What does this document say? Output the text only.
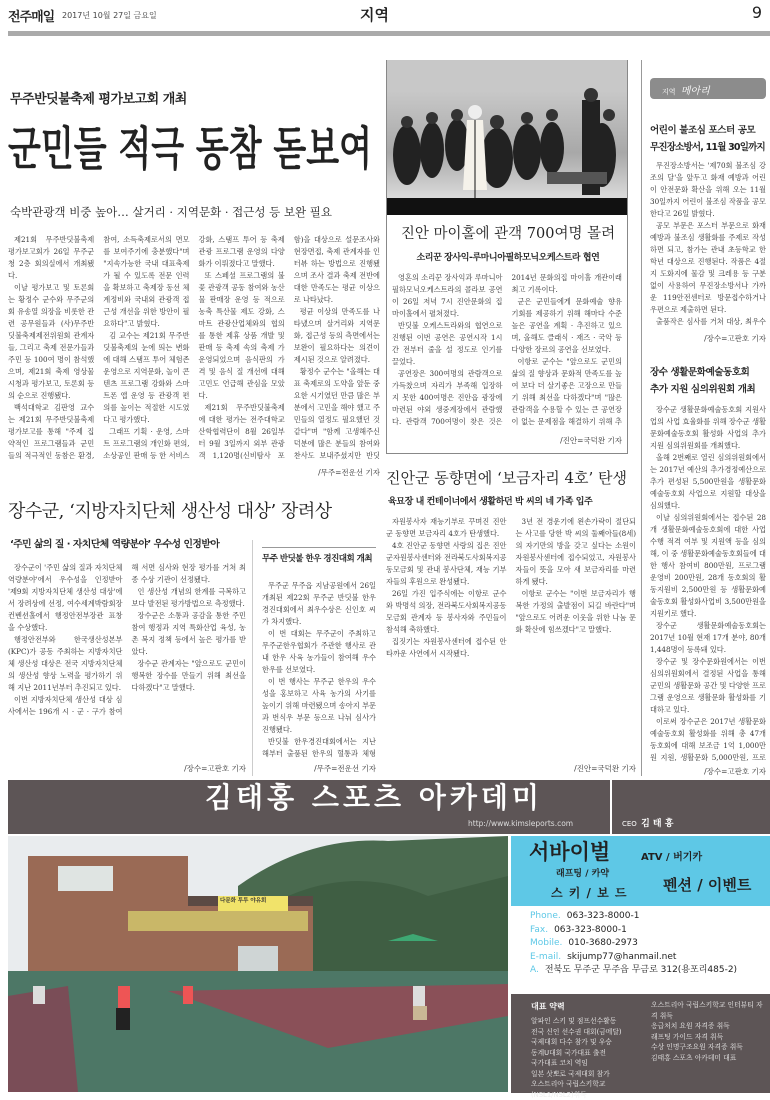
전주매일 2017년 10월 27일 금요일	지역	9
무주반딧불축제 평가보고회 개최
군민들 적극 동참 돋보여
숙박관광객 비중 높아… 살거리 · 지역문화 · 접근성 등 보완 필요

제21회 무주반딧불축제 평가보고회가 26일 무주군청 2층 회의실에서 개최됐다.

이날 평가보고 및 토론회는 황정수 군수와 무주군의회 유송열 의장을 비롯한 관련 공무원들과 (사)무주반딧불축제제전위원회 관계자들, 그리고 축제 전문가들과 주민 등 100여 명이 참석했으며, 제21회 축제 영상물 시청과 평가보고, 토론회 등의 순으로 진행됐다.

백석대학교 김판영 교수는 제21회 무주반딧불축제 평가보고를 통해 "주제 집약적인 프로그램들과 군민들의 적극적인 동참은 환경, 참여, 소득축제로서의 면모를 보여주기에 충분했다"며 "지속가능한 국내 대표축제가 될 수 있도록 전문 인력을 확보하고 축제장 동선 체계정비와 국내외 관광객 접근성 개선을 위한 방안이 필요하다"고 밝혔다.

김 교수는 제21회 무주반딧불축제의 눈에 띄는 변화에 대해 스탬프 투어 체험존 운영으로 지역문화, 놀이 콘텐츠 프로그램 강화와 스마트폰 앱 운영 등 관광객 편의를 높이는 적절한 시도였다고 평가했다.

그래프 기획 · 운영, 스마트 프로그램의 개인화 편의, 소상공인 판매 등 한 서비스 강화, 스탬프 투어 등 축제 관광 프로그램 운영의 다양화가 이뤄졌다고 말했다.

또 스페셜 프로그램의 불꽃 관광객 공동 참여와 농산물 판매장 운영 등 적으로 농축 특산물 제도 강화, 스마트 관광산업체와의 협의를 통한 제휴 상품 개발 및 판매 등 축제 속의 축제 가 운영되었으며 음식판의 가격 및 음식 질 개선에 대해 고민도 언급해 관심을 모았다.

제21회 무주반딧불축제에 대한 평가는 전주대학교 산학협력단이 8월 26일부터 9월 3일까지 외부 관광객 1,120명(신비탐사 포함)을 대상으로 설문조사와 현장면접, 축제 관계자를 인터뷰 하는 방법으로 진행됐으며 조사 결과 축제 전반에 대한 만족도는 평균 이상으로 나타났다.

평균 이상의 만족도를 나타냈으며 살거리와 지역문화, 접근성 등의 측면에서는 보완이 필요하다는 의견이 제시된 것으로 알려졌다.

황정수 군수는 "올해는 대표 축제로의 도약을 앞둔 중요한 시기였던 만큼 많은 부분에서 고민을 해야 했고 주민들의 열정도 필요했던 것 같다"며 "함께 고생해주신 덕분에 많은 분들의 참여와 찬사도 보내주셨지만 반딧

/무주=전운선 기자
진안 마이홀에 관객 700여명 몰려
소리꾼 장사익-루마니아필하모닉오케스트라 협연

영혼의 소리꾼 장사익과 루마니아필하모닉오케스트라의 콜라보 공연이 26일 저녁 7시 진안문화의 집 마이홀에서 펼쳐졌다.

반딧불 오케스트라와의 협연으로 진행된 이번 공연은 공연시작 1시간 전부터 줄을 설 정도로 인기를 끌었다.

공연장은 300여명의 관람객으로 가득찼으며 자리가 부족해 입장하지 못한 400여명은 진안읍 광장에 마련된 야외 생중계장에서 관람했다. 관람객 700여명이 찾은 것은 2014년 문화의집 마이홀 개관이래 최고 기록이다.

군은 군민들에게 문화예술 향유 기회를 제공하기 위해 해마다 수준 높은 공연을 계획 · 추진하고 있으며, 올해도 클래식 · 재즈 · 국악 등 다양한 장르의 공연을 선보였다.

이항로 군수는 "앞으로도 군민의 삶의 질 향상과 문화적 만족도를 높여 보다 더 살기좋은 고장으로 만들기 위해 최선을 다하겠다"며 "많은 관람객을 수용할 수 있는 큰 공연장이 없는 문제점을 해결하기 위해 추

/진안=국덕완 기자
진안군 동향면에 ‘보금자리 4호’ 탄생
육묘장 내 컨테이너에서 생활하던 박 씨의 네 가족 입주

자원봉사자 재능기부로 꾸며진 진안군 동향면 보금자리 4호가 탄생했다.

4호 진안군 동향면 사랑의 집은 진안군자원봉사센터와 전라북도사회복지공동모금회 및 관내 봉사단체, 재능 기부자들의 후원으로 완성됐다.

26일 가진 입주식에는 이항로 군수와 박명석 의장, 전라북도사회복지공동모금회 관계자 등 봉사자와 주민들이 참석해 축하했다.

집짓기는 자원봉사센터에 접수된 안타까운 사연에서 시작됐다.

3년 전 경운기에 왼손가락이 절단되는 사고를 당한 박 씨의 둘째아들(8세)의 자기만의 방을 갖고 싶다는 소원이 자원봉사센터에 접수되었고, 자원봉사자들이 뜻을 모아 새 보금자리를 마련하게 됐다.

이항로 군수는 "이번 보금자리가 행복한 가정의 출발점이 되길 바란다"며 "앞으로도 어려운 이웃을 위한 나눔 문화 확산에 힘쓰겠다"고 말했다.

/진안=국덕완 기자
장수군, ‘지방자치단체 생산성 대상’ 장려상
‘주민 삶의 질 · 자치단체 역량분야’ 우수성 인정받아

장수군이 '주민 삶의 질과 자치단체 역량분야'에서 우수성을 인정받아 '제9회 지방자치단체 생산성 대상'에서 장려상에 선정, 여수세계박람회장 컨벤션홀에서 행정안전부장관 표창을 수상했다.

행정안전부와 한국생산성본부(KPC)가 공동 주최하는 지방자치단체 생산성 대상은 전국 지방자치단체의 생산성 향상 노력을 평가하기 위해 지난 2011년부터 추진되고 있다.

이번 지방자치단체 생산성 대상 심사에서는 196개 시 · 군 · 구가 참여해 서면 심사와 현장 평가를 거쳐 최종 수상 기관이 선정됐다.

인 생산성 개념의 한계를 극복하고 보다 발전된 평가방법으로 측정했다.

장수군은 소통과 공감을 통한 주민참여 행정과 지역 특화산업 육성, 농촌 복지 정책 등에서 높은 평가를 받았다.

장수군 관계자는 "앞으로도 군민이 행복한 장수를 만들기 위해 최선을 다하겠다"고 말했다.

/장수=고판호 기자
무주 반딧불 한우 경진대회 개최

무주군 무주읍 지남공원에서 26일 개최된 제22회 무주군 반딧불 한우경진대회에서 최우수상은 신인호 씨가 차지했다.

이 번 대회는 무주군이 주최하고 무주군한우협회가 주관한 행사로 관내 한우 사육 농가들이 참여해 우수 한우를 선보였다.

이 번 행사는 무주군 한우의 우수성을 홍보하고 사육 농가의 사기를 높이기 위해 마련됐으며 송아지 부문과 번식우 부문 등으로 나눠 심사가 진행됐다.

반딧불 한우경진대회에서는 지난해부터 출품된 한우의 혈통과 체형

/무주=전운선 기자
지역 메아리
어린이 불조심 포스터 공모
무진장소방서, 11월 30일까지

무진장소방서는 '제70회 불조심 강조의 달'을 앞두고 화재 예방과 어린이 안전문화 확산을 위해 오는 11월 30일까지 어린이 불조심 작품을 공모한다고 26일 밝혔다.

공모 부문은 포스터 부문으로 화재 예방과 불조심 생활화를 주제로 작성하면 되고, 참가는 관내 초등학교 한 학년 대상으로 진행된다. 작품은 4절지 도화지에 물감 및 크레용 등 구분 없이 사용하여 무진장소방서나 가까운 119안전센터로 방문접수하거나 우편으로 제출하면 된다.

출품작은 심사를 거쳐 대상, 최우수

/장수=고판호 기자
장수 생활문화예술동호회
추가 지원 심의위원회 개최

장수군 생활문화예술동호회 지원사업의 사업 효율화를 위해 장수군 생활문화예술동호회 활성화 사업의 추가 지원 심의위원회를 개최했다.

올해 2번째로 열린 심의위원회에서는 2017년 예산의 추가경정예산으로 추가 편성된 5,500만원을 생활문화예술동호회 사업으로 지원할 대상을 심의했다.

이날 심의위원회에서는 접수된 28개 생활문화예술동호회에 대한 사업 수행 적격 여부 및 지원액 등을 심의해, 이 중 생활문화예술동호회들에 대한 행사 참여비 800만원, 프로그램 운영비 200만원, 28개 동호회의 활동지원비 2,500만원 등 생활문화예술동호회 활성화사업비 3,500만원을 지원키로 했다.

장수군 생활문화예술동호회는 2017년 10월 현재 17개 분야, 80개 1,448명이 등록돼 있다.

장수군 및 장수문화원에서는 이번 심의위원회에서 결정된 사업을 통해 군민의 생활문화 공간 및 다양한 프로그램 운영으로 생활문화 활성화를 기대하고 있다.

이로써 장수군은 2017년 생활문화예술동호회 활성화를 위해 총 47개 동호회에 대해 보조금 1억 1,000만원 지원, 생활문화 5,000만원, 프로

/장수=고판호 기자
김태홍 스포츠 아카데미
http://www.kimsleports.com	CEO 김 태 홍
다문화 투투 야유회
서바이벌	ATV / 버기카
래프팅 / 카약
스 키 / 보 드 펜션 / 이벤트
Phone. 063-323-8000-1
Fax. 063-323-8000-1
Mobile. 010-3680-2973
E-mail. skijump77@hanmail.net
A. 전북도 무주군 무주읍 무금로 312(용포리485-2)
대표 약력
알파인 스키 및 점프선수활동
전국 신인 선수권 대회(금메달)
국제대회 다수 참가 및 우승
동계U대회 국가대표 출전
국가대표 코치 역임
일본 삿뽀로 국제대회 참가
오스트리아 국립스키학교 (NSL1/NSL2)취득
오스트리아 국립스키학교 인터뷰티 자격 취득
응급처치 요원 자격증 취득
래프팅 가이드 자격 취득
수상 인명구조요원 자격증 취득
김태홍 스포츠 아카데미 대표
